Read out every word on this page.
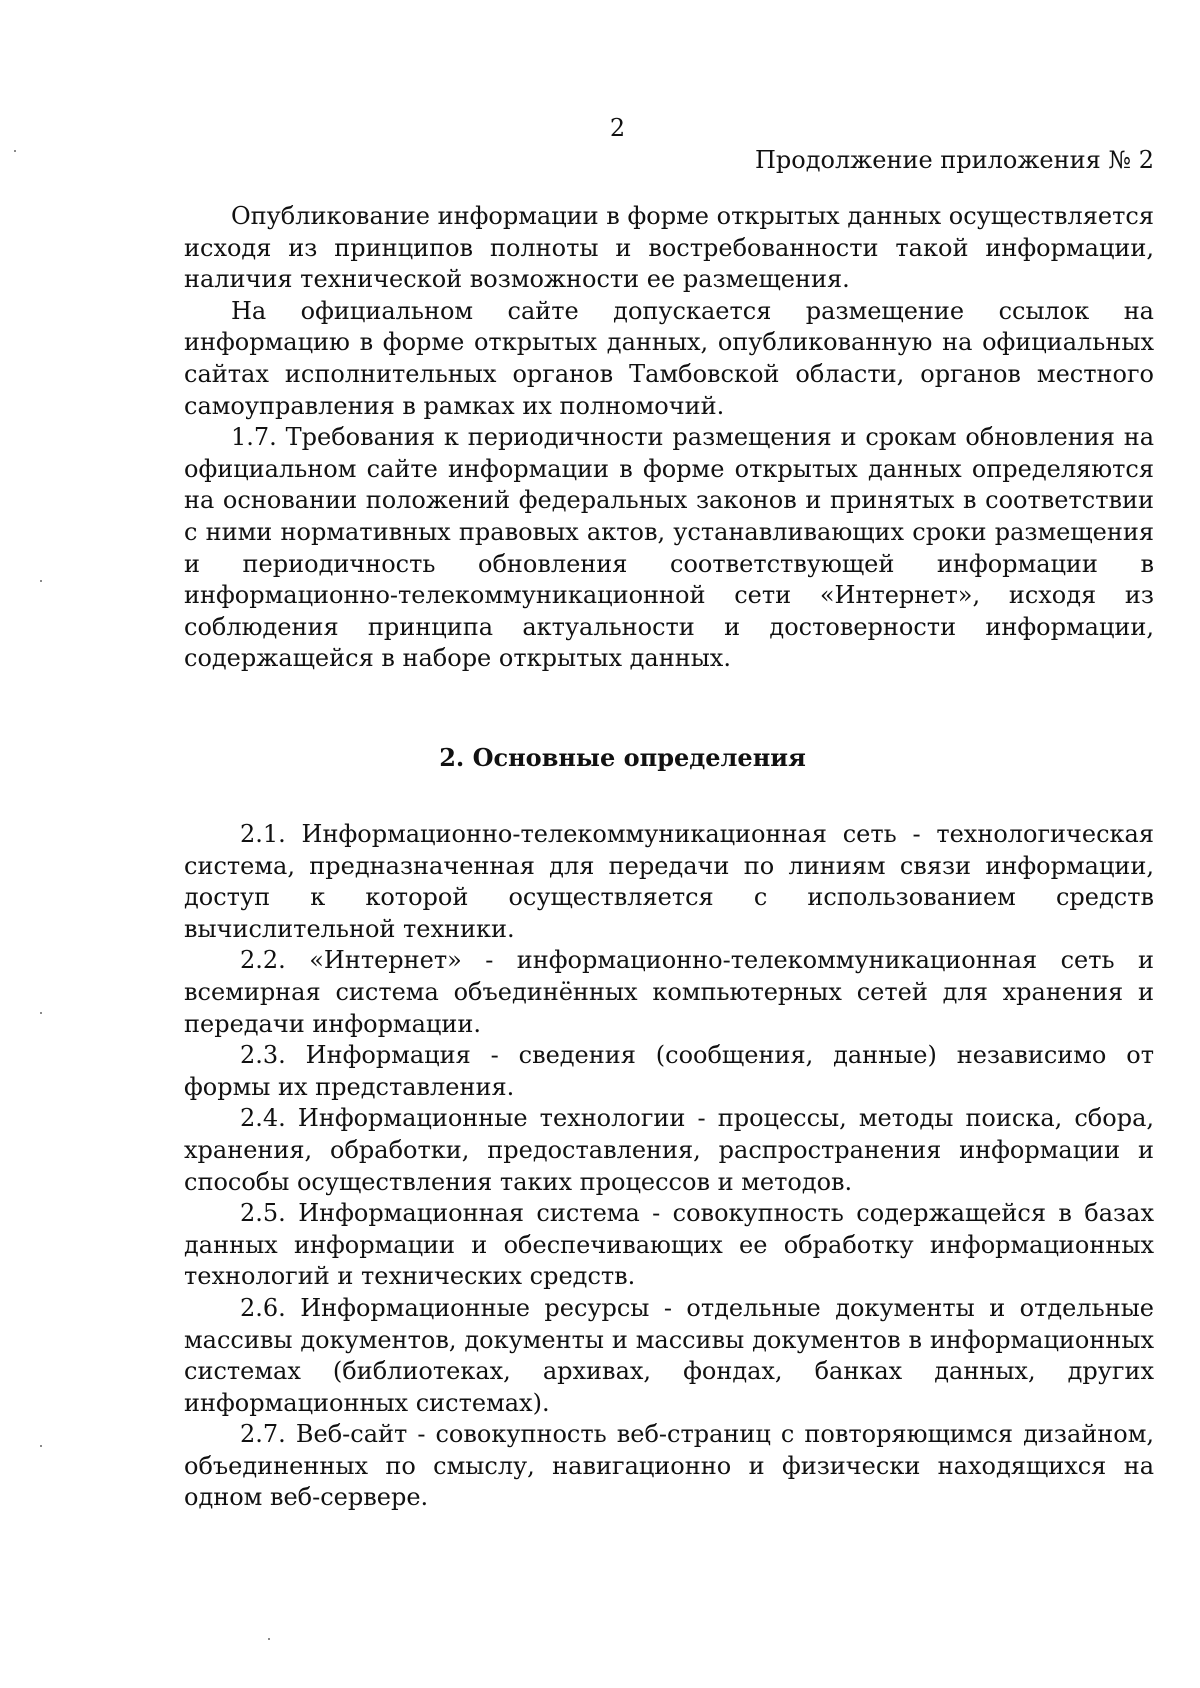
2
Продолжение приложения № 2

Опубликование информации в форме открытых данных осуществляется исходя из принципов полноты и востребованности такой информации, наличия технической возможности ее размещения.

На официальном сайте допускается размещение ссылок на информацию в форме открытых данных, опубликованную на официальных сайтах исполнительных органов Тамбовской области, органов местного самоуправления в рамках их полномочий.

1.7. Требования к периодичности размещения и срокам обновления на официальном сайте информации в форме открытых данных определяются на основании положений федеральных законов и принятых в соответствии с ними нормативных правовых актов, устанавливающих сроки размещения и периодичность обновления соответствующей информации в информационно-телекоммуникационной сети «Интернет», исходя из соблюдения принципа актуальности и достоверности информации, содержащейся в наборе открытых данных.

2. Основные определения

2.1. Информационно-телекоммуникационная сеть - технологическая система, предназначенная для передачи по линиям связи информации, доступ к которой осуществляется с использованием средств вычислительной техники.

2.2. «Интернет» - информационно-телекоммуникационная сеть и всемирная система объединённых компьютерных сетей для хранения и передачи информации.

2.3. Информация - сведения (сообщения, данные) независимо от формы их представления.

2.4. Информационные технологии - процессы, методы поиска, сбора, хранения, обработки, предоставления, распространения информации и способы осуществления таких процессов и методов.

2.5. Информационная система - совокупность содержащейся в базах данных информации и обеспечивающих ее обработку информационных технологий и технических средств.

2.6. Информационные ресурсы - отдельные документы и отдельные массивы документов, документы и массивы документов в информационных системах (библиотеках, архивах, фондах, банках данных, других информационных системах).

2.7. Веб-сайт - совокупность веб-страниц с повторяющимся дизайном, объединенных по смыслу, навигационно и физически находящихся на одном веб-сервере.
